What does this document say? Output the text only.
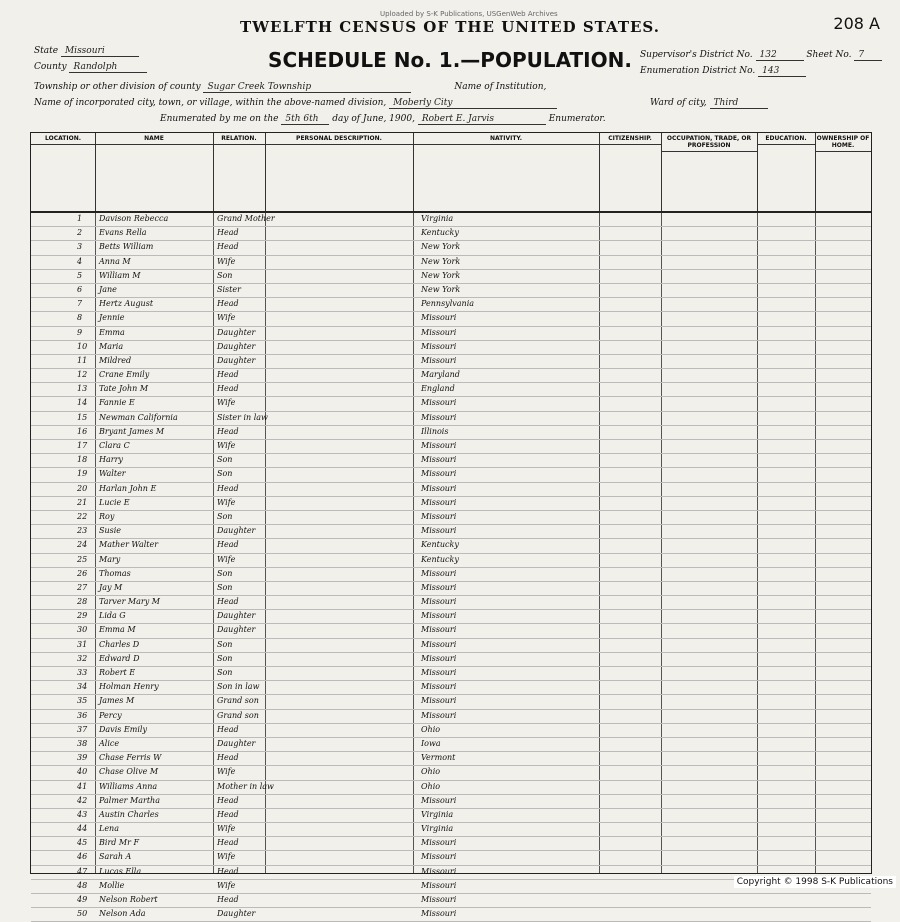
Uploaded by S-K Publications, USGenWeb Archives	208 A
TWELFTH CENSUS OF THE UNITED STATES.
SCHEDULE No. 1.—POPULATION.
State Missouri
County Randolph
Township or other division of county Sugar Creek Township	Name of Institution,
Name of incorporated city, town, or village, within the above-named division, Moberly City	Ward of city, Third
Enumerated by me on the 5th 6th day of June, 1900, Robert E. Jarvis	Enumerator.
Supervisor's District No. 132	Sheet No. 7
Enumeration District No. 143
LOCATION.	NAME	RELATION.	PERSONAL DESCRIPTION.	NATIVITY.	CITIZENSHIP.	OCCUPATION, TRADE, OR PROFESSION
EDUCATION.	OWNERSHIP OF HOME.
1	Davison Rebecca	Grand Mother	Virginia
2	Evans Rella	Head	Kentucky
3	Betts William	Head	New York
4	Anna M	Wife	New York
5	William M	Son	New York
6	Jane	Sister	New York
7	Hertz August	Head	Pennsylvania
8	Jennie	Wife	Missouri
9	Emma	Daughter	Missouri
10	Maria	Daughter	Missouri
11	Mildred	Daughter	Missouri
12	Crane Emily	Head	Maryland
13	Tate John M	Head	England
14	Fannie E	Wife	Missouri
15	Newman California	Sister in law	Missouri
16	Bryant James M	Head	Illinois
17	Clara C	Wife	Missouri
18	Harry	Son	Missouri
19	Walter	Son	Missouri
20	Harlan John E	Head	Missouri
21	Lucie E	Wife	Missouri
22	Roy	Son	Missouri
23	Susie	Daughter	Missouri
24	Mather Walter	Head	Kentucky
25	Mary	Wife	Kentucky
26	Thomas	Son	Missouri
27	Jay M	Son	Missouri
28	Tarver Mary M	Head	Missouri
29	Lida G	Daughter	Missouri
30	Emma M	Daughter	Missouri
31	Charles D	Son	Missouri
32	Edward D	Son	Missouri
33	Robert E	Son	Missouri
34	Holman Henry	Son in law	Missouri
35	James M	Grand son	Missouri
36	Percy	Grand son	Missouri
37	Davis Emily	Head	Ohio
38	Alice	Daughter	Iowa
39	Chase Ferris W	Head	Vermont
40	Chase Olive M	Wife	Ohio
41	Williams Anna	Mother in law	Ohio
42	Palmer Martha	Head	Missouri
43	Austin Charles	Head	Virginia
44	Lena	Wife	Virginia
45	Bird Mr F	Head	Missouri
46	Sarah A	Wife	Missouri
47	Lucas Ella	Head	Missouri
48	Mollie	Wife	Missouri
49	Nelson Robert	Head	Missouri
50	Nelson Ada	Daughter	Missouri
Copyright © 1998 S-K Publications
